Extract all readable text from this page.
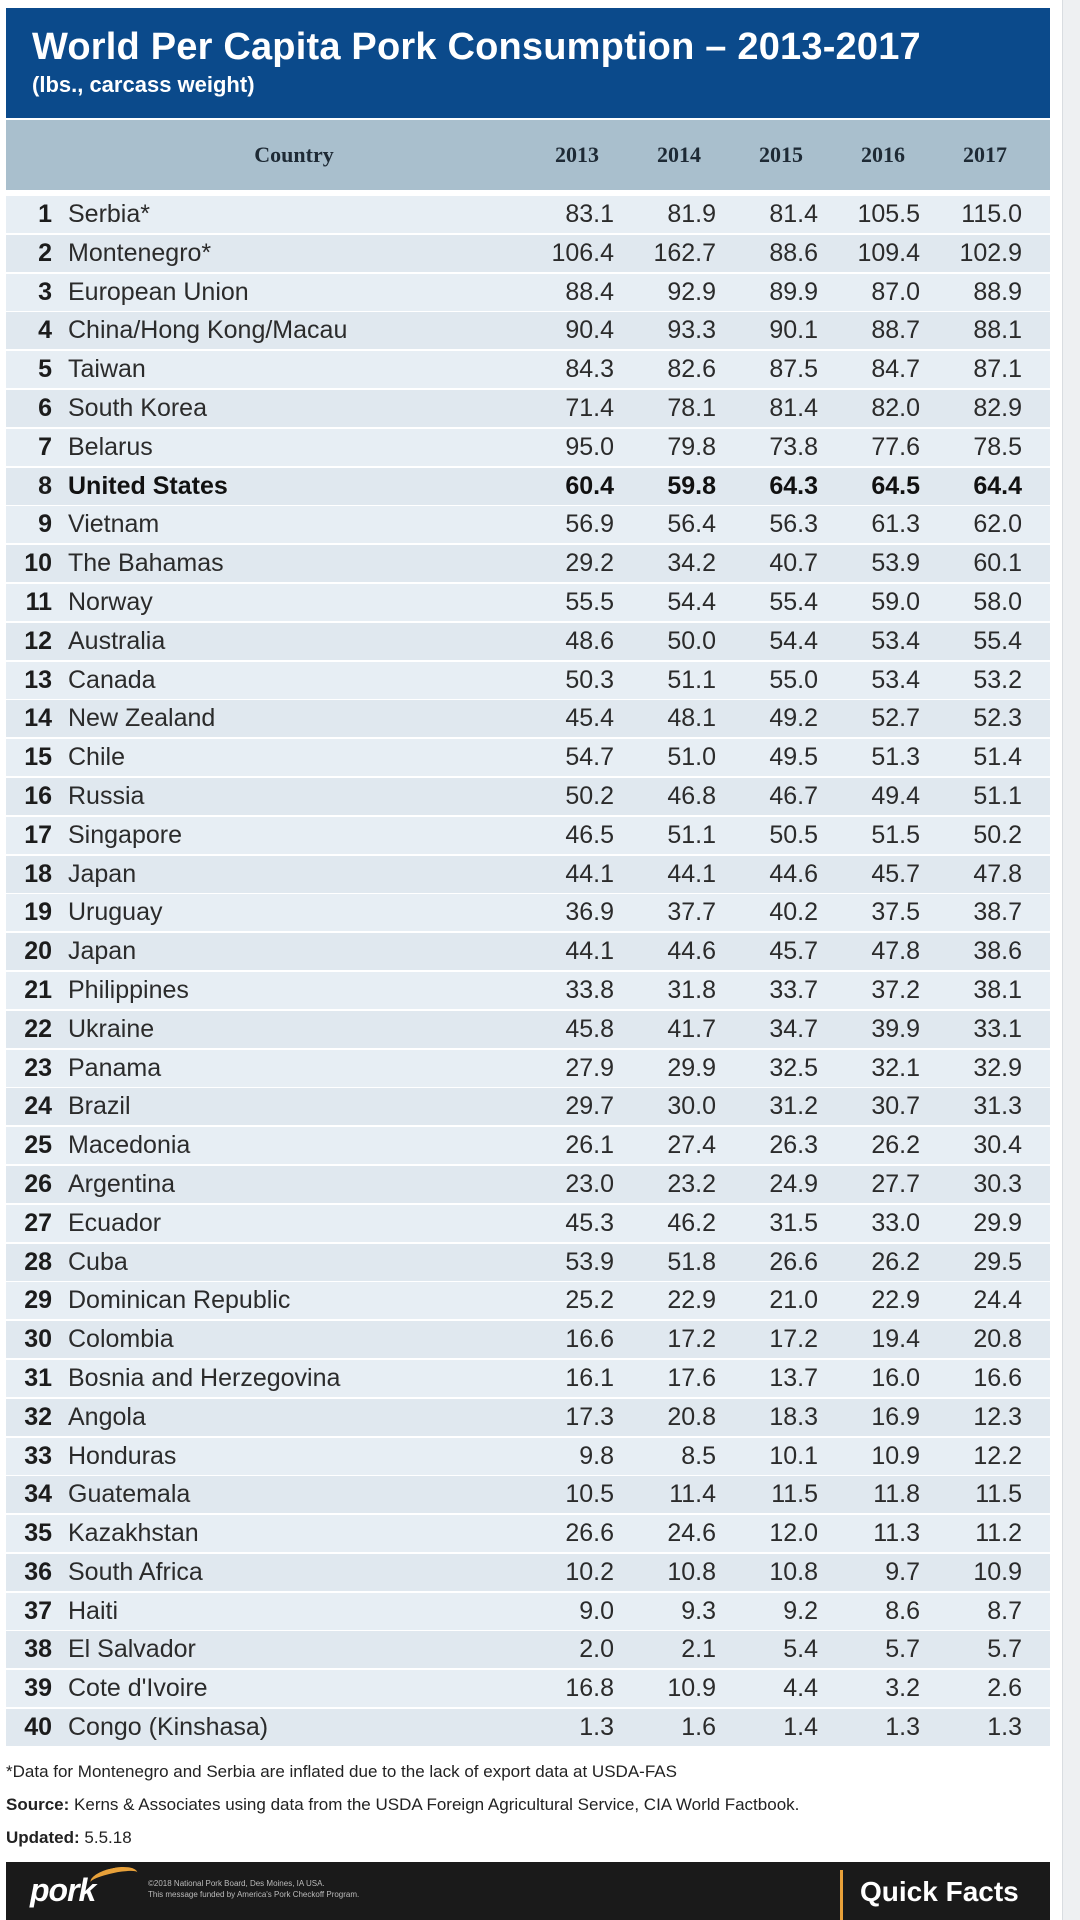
World Per Capita Pork Consumption – 2013-2017
(lbs., carcass weight)
Country	2013	2014	2015	2016	2017
1 Serbia*	83.1	81.9	81.4	105.5	115.0
2 Montenegro*	106.4	162.7	88.6	109.4	102.9
3 European Union	88.4	92.9	89.9	87.0	88.9
4 China/Hong Kong/Macau	90.4	93.3	90.1	88.7	88.1
5 Taiwan	84.3	82.6	87.5	84.7	87.1
6 South Korea	71.4	78.1	81.4	82.0	82.9
7 Belarus	95.0	79.8	73.8	77.6	78.5
8 United States	60.4	59.8	64.3	64.5	64.4
9 Vietnam	56.9	56.4	56.3	61.3	62.0
10 The Bahamas	29.2	34.2	40.7	53.9	60.1
11 Norway	55.5	54.4	55.4	59.0	58.0
12 Australia	48.6	50.0	54.4	53.4	55.4
13 Canada	50.3	51.1	55.0	53.4	53.2
14 New Zealand	45.4	48.1	49.2	52.7	52.3
15 Chile	54.7	51.0	49.5	51.3	51.4
16 Russia	50.2	46.8	46.7	49.4	51.1
17 Singapore	46.5	51.1	50.5	51.5	50.2
18 Japan	44.1	44.1	44.6	45.7	47.8
19 Uruguay	36.9	37.7	40.2	37.5	38.7
20 Japan	44.1	44.6	45.7	47.8	38.6
21 Philippines	33.8	31.8	33.7	37.2	38.1
22 Ukraine	45.8	41.7	34.7	39.9	33.1
23 Panama	27.9	29.9	32.5	32.1	32.9
24 Brazil	29.7	30.0	31.2	30.7	31.3
25 Macedonia	26.1	27.4	26.3	26.2	30.4
26 Argentina	23.0	23.2	24.9	27.7	30.3
27 Ecuador	45.3	46.2	31.5	33.0	29.9
28 Cuba	53.9	51.8	26.6	26.2	29.5
29 Dominican Republic	25.2	22.9	21.0	22.9	24.4
30 Colombia	16.6	17.2	17.2	19.4	20.8
31 Bosnia and Herzegovina	16.1	17.6	13.7	16.0	16.6
32 Angola	17.3	20.8	18.3	16.9	12.3
33 Honduras	9.8	8.5	10.1	10.9	12.2
34 Guatemala	10.5	11.4	11.5	11.8	11.5
35 Kazakhstan	26.6	24.6	12.0	11.3	11.2
36 South Africa	10.2	10.8	10.8	9.7	10.9
37 Haiti	9.0	9.3	9.2	8.6	8.7
38 El Salvador	2.0	2.1	5.4	5.7	5.7
39 Cote d'Ivoire	16.8	10.9	4.4	3.2	2.6
40 Congo (Kinshasa)	1.3	1.6	1.4	1.3	1.3
*Data for Montenegro and Serbia are inflated due to the lack of export data at USDA-FAS
Source: Kerns & Associates using data from the USDA Foreign Agricultural Service, CIA World Factbook.
Updated: 5.5.18
pork	©2018 National Pork Board, Des Moines, IA USA.
This message funded by America's Pork Checkoff Program.	Quick Facts
